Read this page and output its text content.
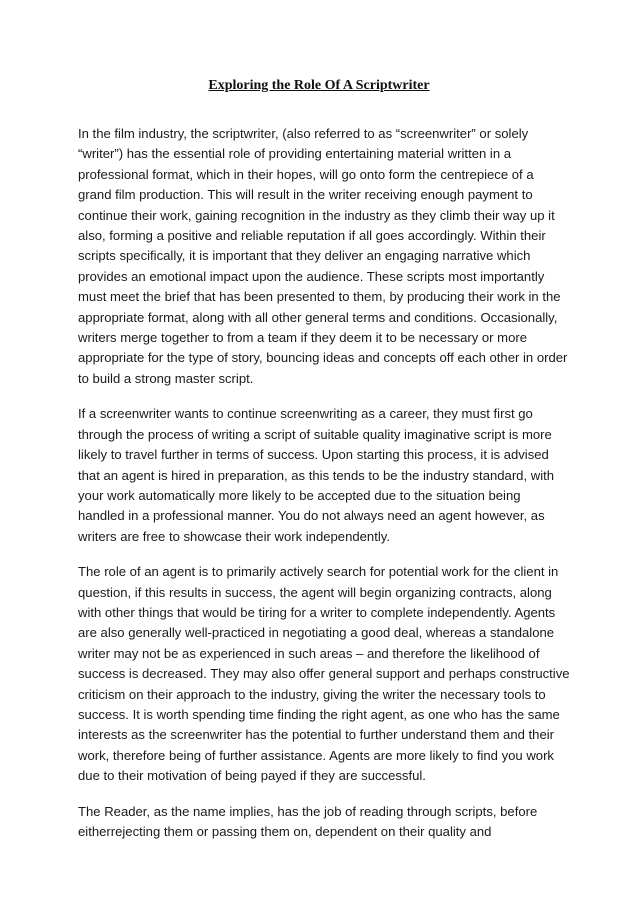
Exploring the Role Of A Scriptwriter

In the film industry, the scriptwriter, (also referred to as “screenwriter” or solely “writer”) has the essential role of providing entertaining material written in a professional format, which in their hopes, will go onto form the centrepiece of a grand film production. This will result in the writer receiving enough payment to continue their work, gaining recognition in the industry as they climb their way up it also, forming a positive and reliable reputation if all goes accordingly. Within their scripts specifically, it is important that they deliver an engaging narrative which provides an emotional impact upon the audience. These scripts most importantly must meet the brief that has been presented to them, by producing their work in the appropriate format, along with all other general terms and conditions. Occasionally, writers merge together to from a team if they deem it to be necessary or more appropriate for the type of story, bouncing ideas and concepts off each other in order to build a strong master script.

If a screenwriter wants to continue screenwriting as a career, they must first go through the process of writing a script of suitable quality imaginative script is more likely to travel further in terms of success. Upon starting this process, it is advised that an agent is hired in preparation, as this tends to be the industry standard, with your work automatically more likely to be accepted due to the situation being handled in a professional manner. You do not always need an agent however, as writers are free to showcase their work independently.

The role of an agent is to primarily actively search for potential work for the client in question, if this results in success, the agent will begin organizing contracts, along with other things that would be tiring for a writer to complete independently. Agents are also generally well-practiced in negotiating a good deal, whereas a standalone writer may not be as experienced in such areas – and therefore the likelihood of success is decreased. They may also offer general support and perhaps constructive criticism on their approach to the industry, giving the writer the necessary tools to success. It is worth spending time finding the right agent, as one who has the same interests as the screenwriter has the potential to further understand them and their work, therefore being of further assistance. Agents are more likely to find you work due to their motivation of being payed if they are successful.

The Reader, as the name implies, has the job of reading through scripts, before eitherrejecting them or passing them on, dependent on their quality and
